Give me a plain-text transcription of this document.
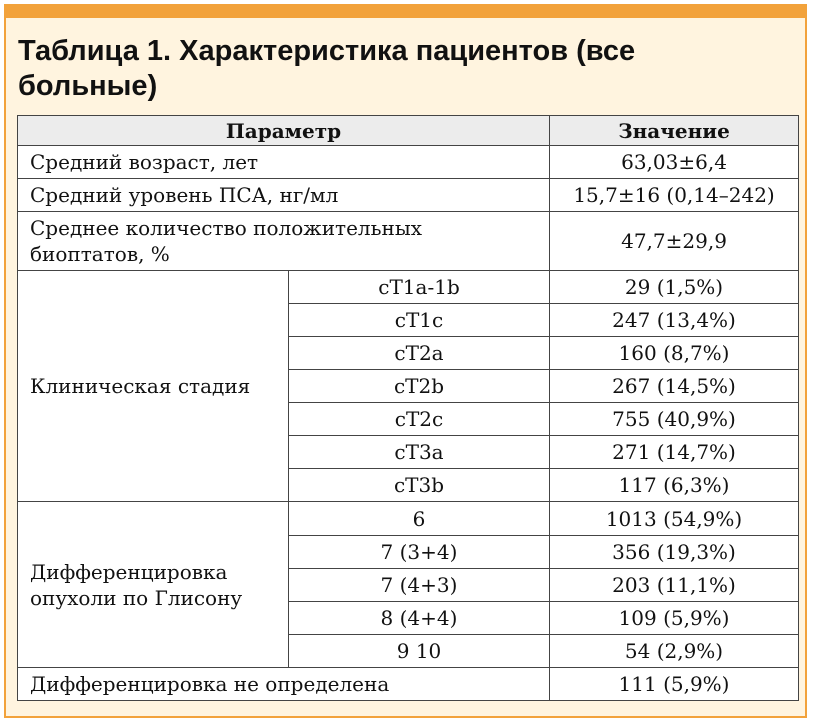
Таблица 1. Характеристика пациентов (все больные)
Параметр		Значение
Средний возраст, лет		63,03±6,4
Средний уровень ПСА, нг/мл		15,7±16 (0,14–242)
Среднее количество положительных биоптатов, %		47,7±29,9
Клиническая стадия	cT1a-1b	29 (1,5%)
	cT1c	247 (13,4%)
	cT2a	160 (8,7%)
	cT2b	267 (14,5%)
	cT2c	755 (40,9%)
	cT3a	271 (14,7%)
	cT3b	117 (6,3%)
Дифференцировка опухоли по Глисону	6	1013 (54,9%)
	7 (3+4)	356 (19,3%)
	7 (4+3)	203 (11,1%)
	8 (4+4)	109 (5,9%)
	9 10	54 (2,9%)
Дифференцировка не определена		111 (5,9%)
